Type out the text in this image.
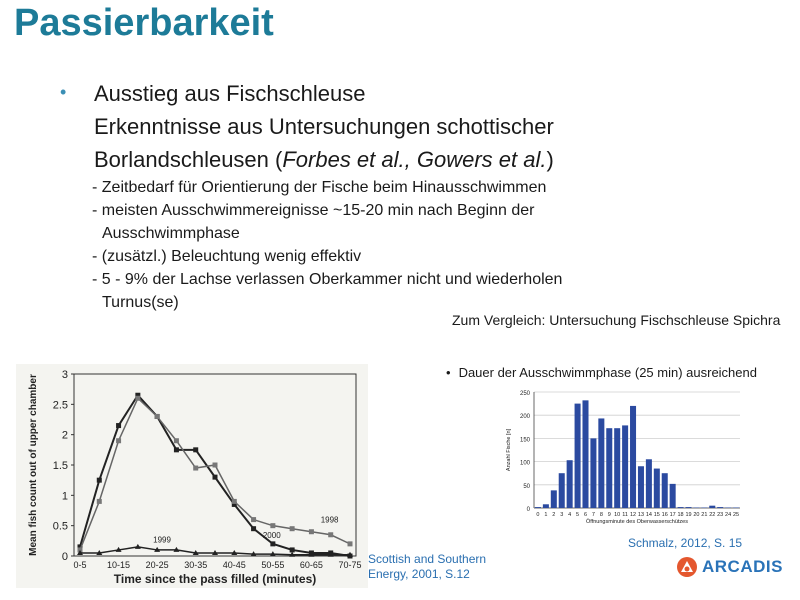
Passierbarkeit
• Ausstieg aus Fischschleuse
Erkenntnisse aus Untersuchungen schottischer
Borlandschleusen (Forbes et al., Gowers et al.)
- Zeitbedarf für Orientierung der Fische beim Hinausschwimmen
- meisten Ausschwimmereignisse ~15-20 min nach Beginn der
Ausschwimmphase
- (zusätzl.) Beleuchtung wenig effektiv
- 5 - 9% der Lachse verlassen Oberkammer nicht und wiederholen
Turnus(se)
Zum Vergleich: Untersuchung Fischschleuse Spichra
• Dauer der Ausschwimmphase (25 min) ausreichend
0
0.5
1
1.5
2
2.5
3
0-5 10-15 20-25 30-35 40-45 50-55 60-65 70-75
Time since the pass filled (minutes)
Mean fish count out of upper chamber	2000
1998
1999
0
50
100
150
200
250
0 1 2 3 4 5 6 7 8 9 10 11 12 13 14 15 16 17 18 19 20 21 22 23 24 25
Öffnungsminute des Oberwasserschützes
Anzahl Fische [n]
Scottish and Southern
Energy, 2001, S.12
Schmalz, 2012, S. 15
ARCADIS
